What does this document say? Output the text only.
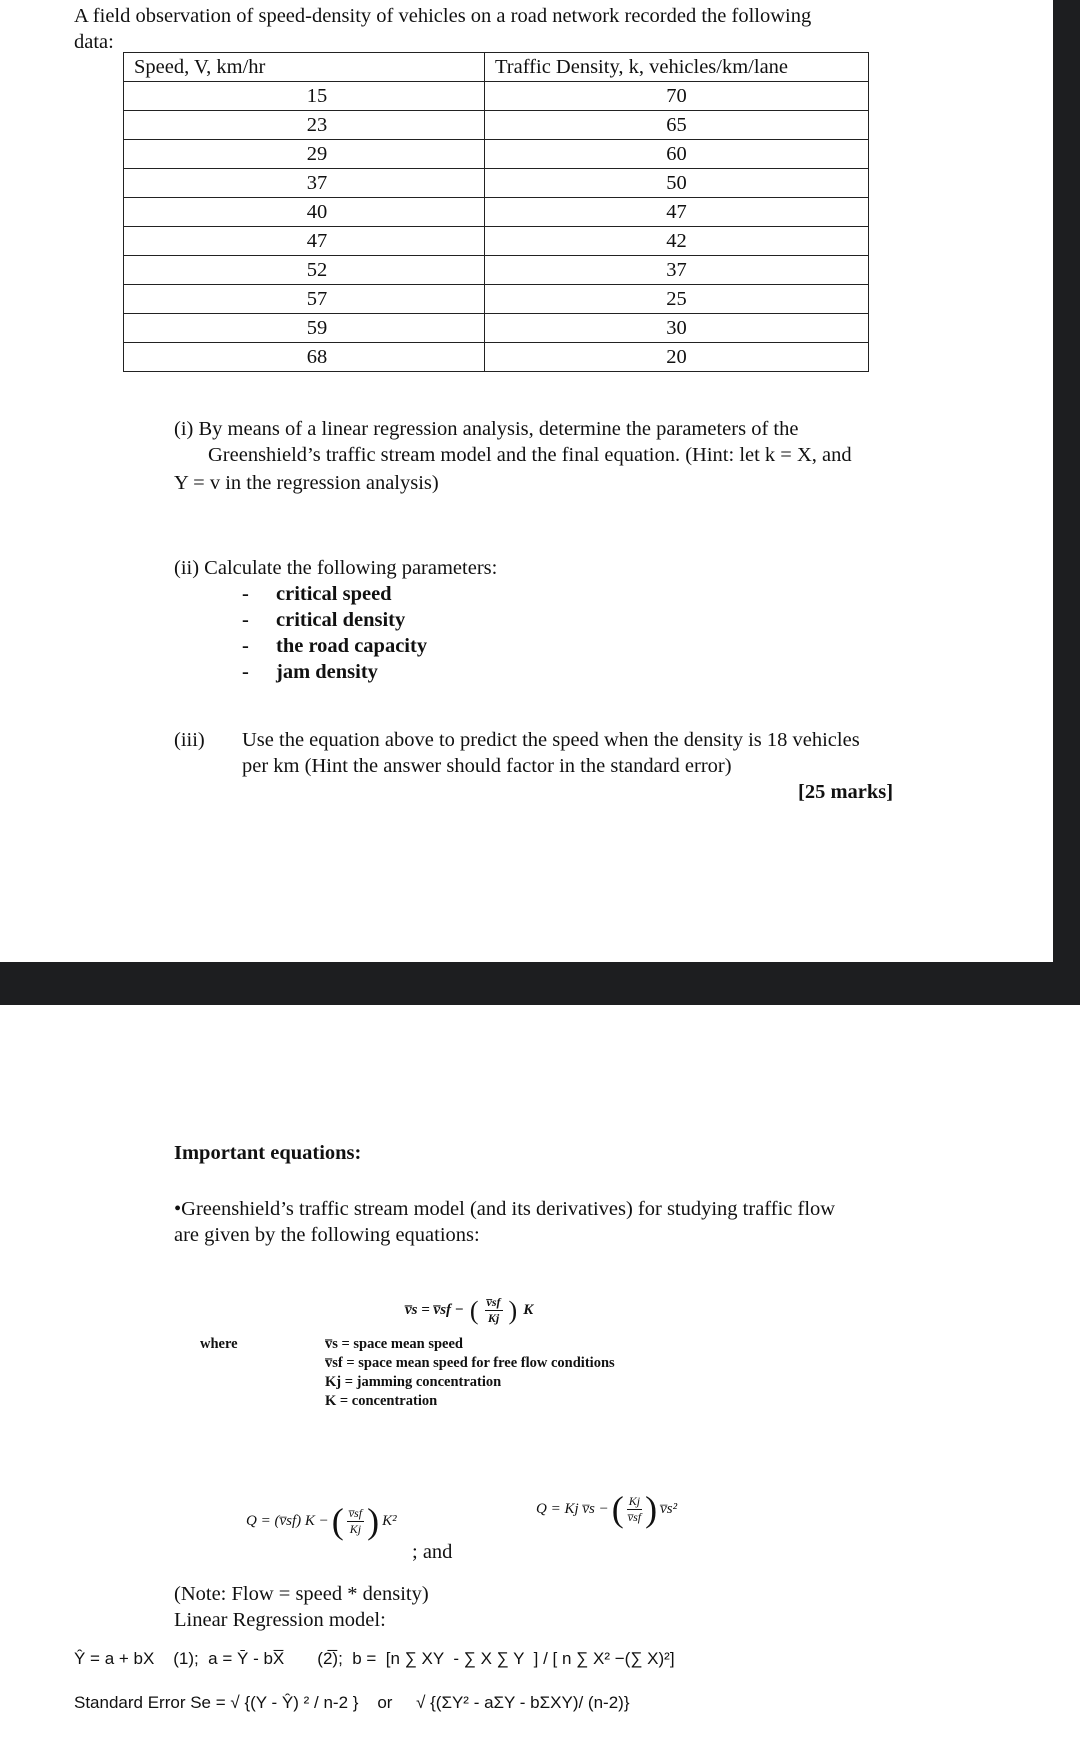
A field observation of speed-density of vehicles on a road network recorded the following
data:
Speed, V, km/hr	Traffic Density, k, vehicles/km/lane
15	70
23	65
29	60
37	50
40	47
47	42
52	37
57	25
59	30
68	20
(i) By means of a linear regression analysis, determine the parameters of the
Greenshield’s traffic stream model and the final equation. (Hint: let k = X, and
Y = v in the regression analysis)
(ii) Calculate the following parameters:
-	critical speed
-	critical density
-	the road capacity
-	jam density
(iii) Use the equation above to predict the speed when the density is 18 vehicles
per km (Hint the answer should factor in the standard error)
[25 marks]
Important equations:
•Greenshield’s traffic stream model (and its derivatives) for studying traffic flow
are given by the following equations:
v̅s = v̅sf − ( $\frac{v̅sf}{Kj}$ ) K
where	v̅s = space mean speed
v̅sf = space mean speed for free flow conditions
Kj = jamming concentration
K = concentration
Q = (v̅sf) K − ( $\frac{v̅sf}{Kj}$ ) K²
Q = Kj v̅s − ( $\frac{Kj}{v̅sf}$ ) v̅s²
; and
(Note: Flow = speed * density)
Linear Regression model:
Ŷ = a + bX    (1);  a = Ȳ - bX̅       (2̅);  b =  [n ∑ XY  - ∑ X ∑ Y  ] / [ n ∑ X² −(∑ X)²]
Standard Error Se = √ {(Y - Ŷ) ² / n-2 }    or     √ {(ΣY² - aΣY - bΣXY)/ (n-2)}
